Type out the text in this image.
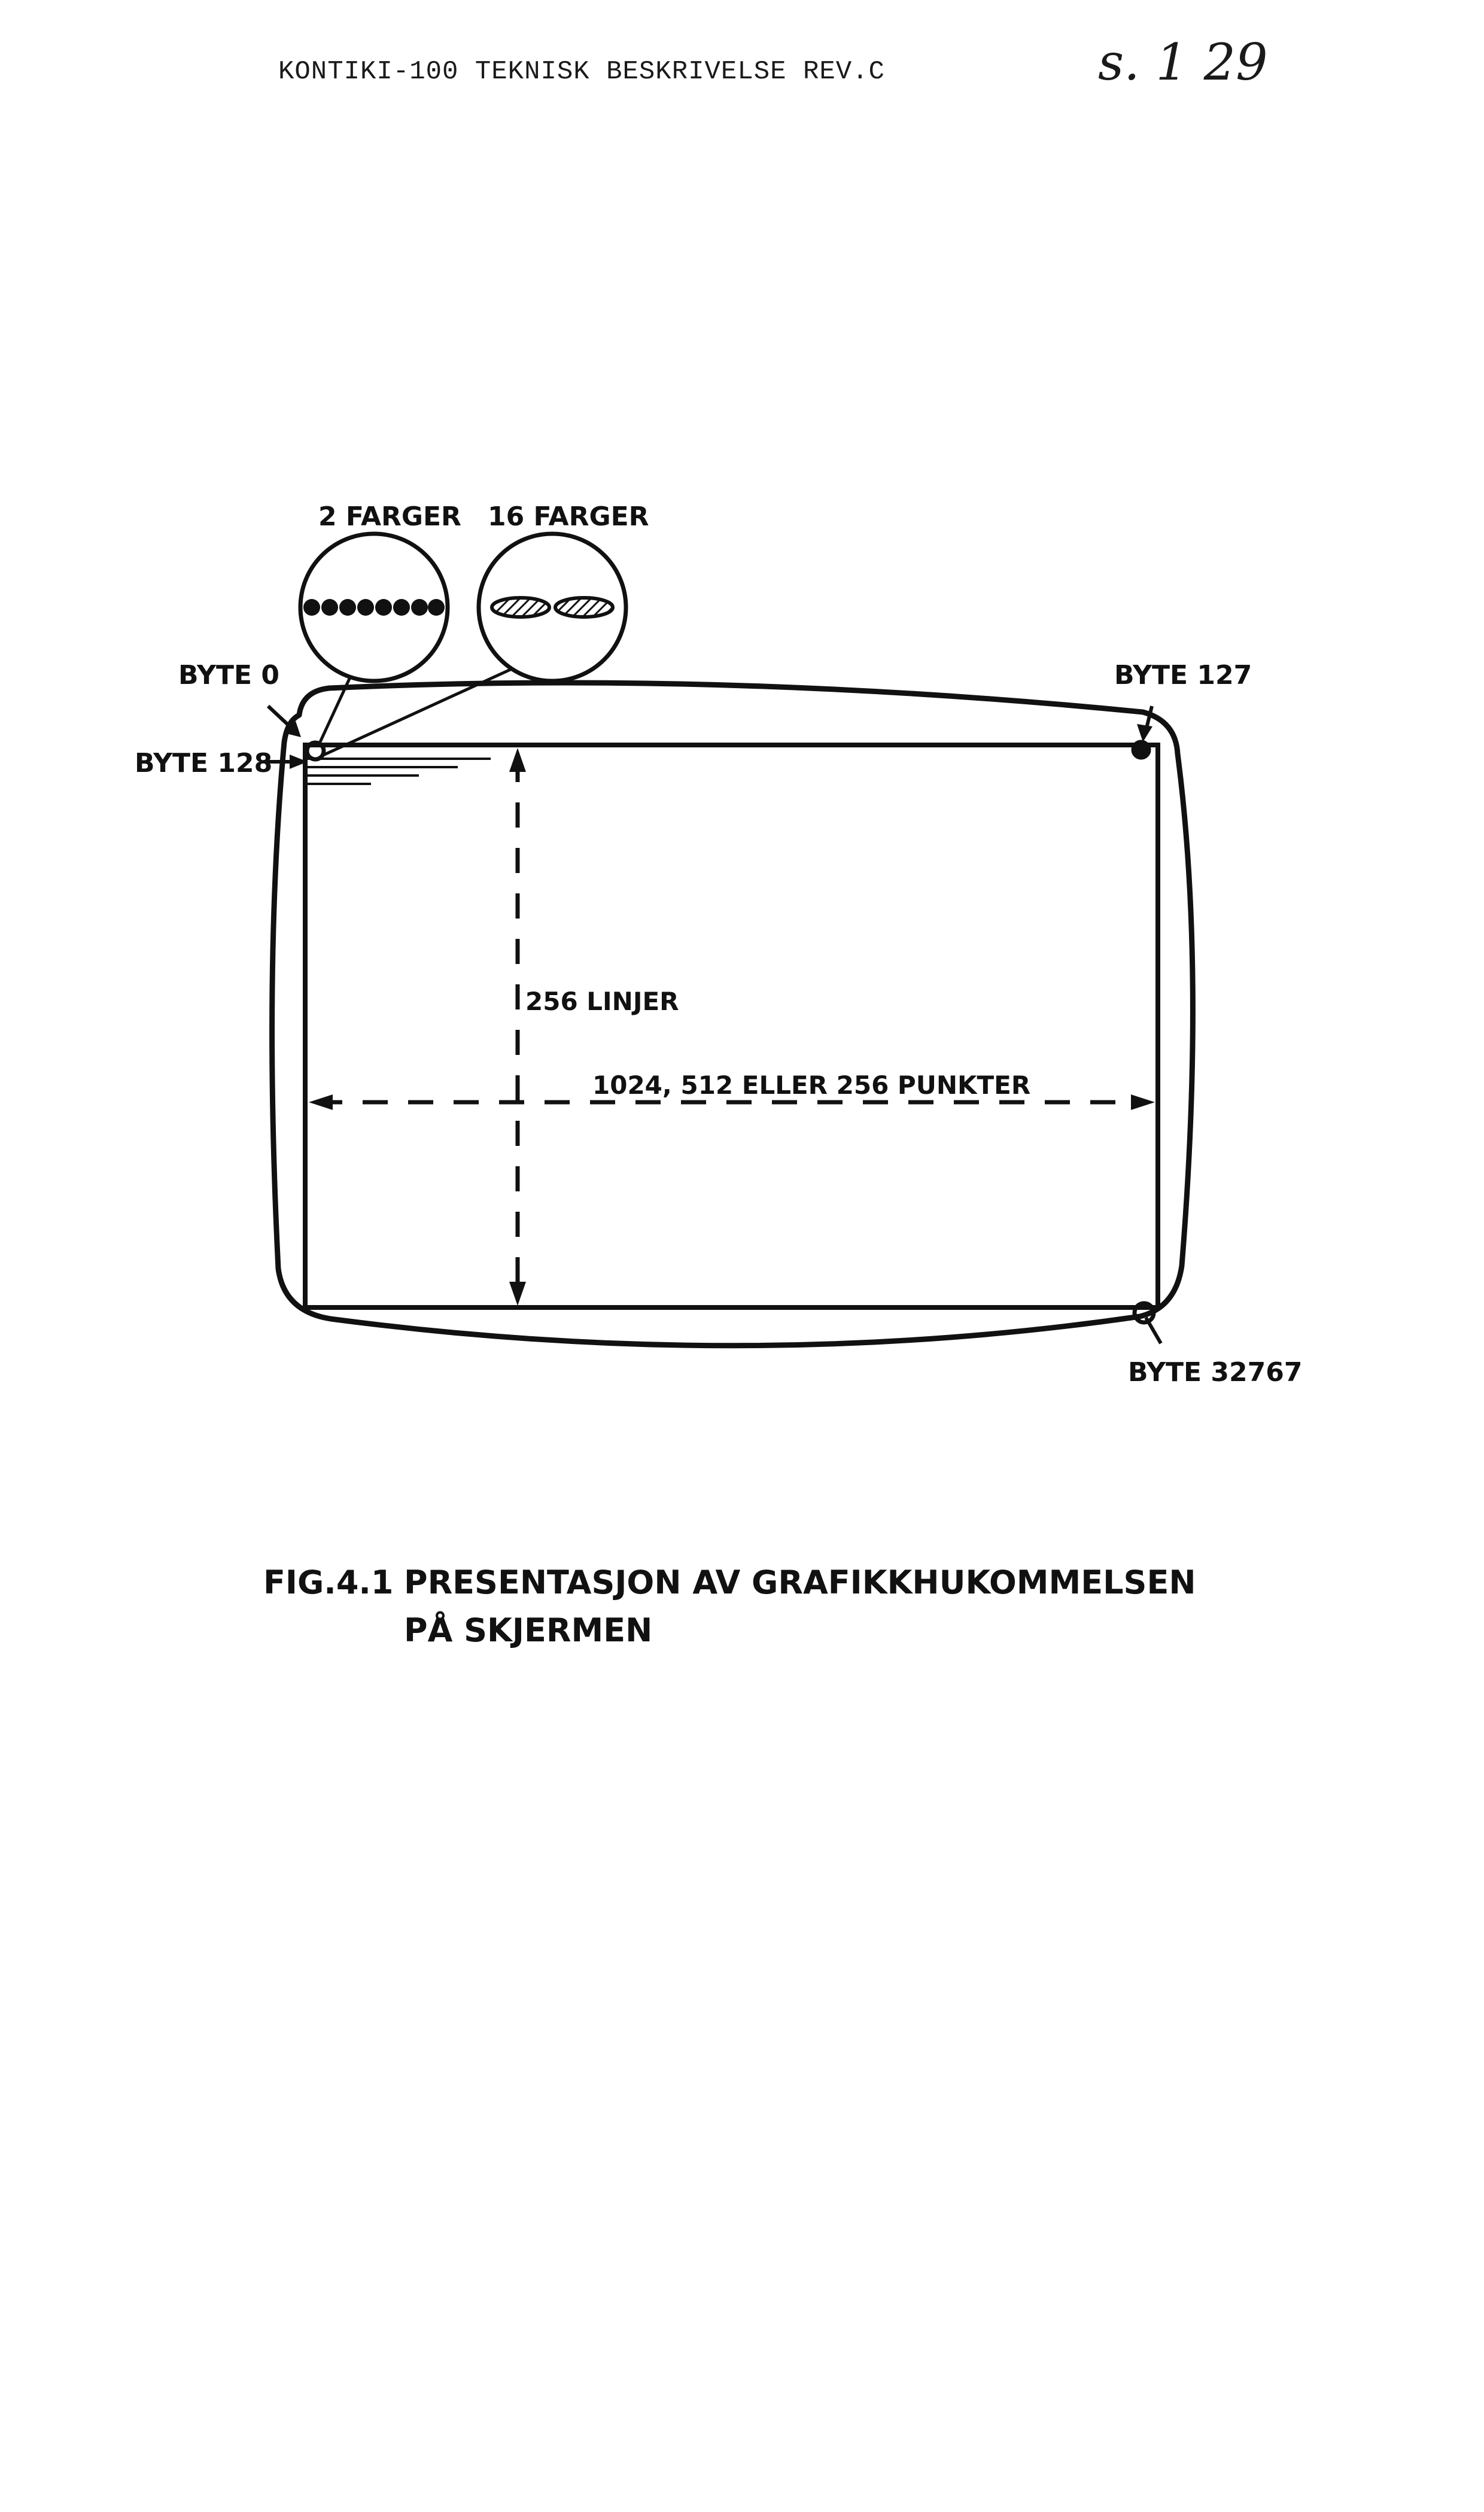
KONTIKI-100 TEKNISK BESKRIVELSE REV.C	s. 1 29
2 FARGER 16 FARGER
BYTE 0	BYTE 127
BYTE 128
256 LINJER
1024, 512 ELLER 256 PUNKTER
BYTE 32767
FIG.4.1 PRESENTASJON AV GRAFIKKHUKOMMELSEN
PÅ SKJERMEN
